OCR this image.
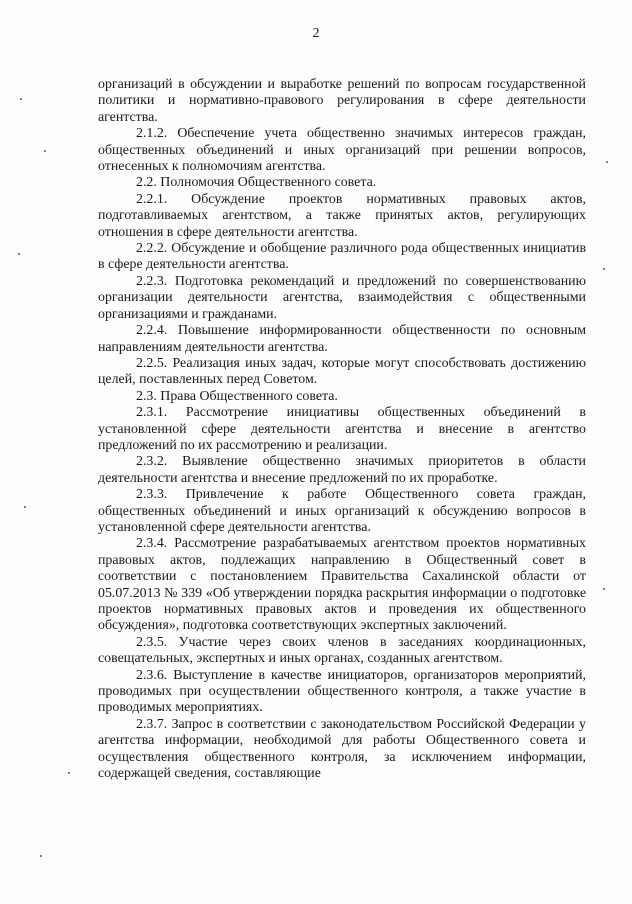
2

организаций в обсуждении и выработке решений по вопросам государственной политики и нормативно-правового регулирования в сфере деятельности агентства.

2.1.2. Обеспечение учета общественно значимых интересов граждан, общественных объединений и иных организаций при решении вопросов, отнесенных к полномочиям агентства.

2.2. Полномочия Общественного совета.

2.2.1. Обсуждение проектов нормативных правовых актов, подготавливаемых агентством, а также принятых актов, регулирующих отношения в сфере деятельности агентства.

2.2.2. Обсуждение и обобщение различного рода общественных инициатив в сфере деятельности агентства.

2.2.3. Подготовка рекомендаций и предложений по совершенствованию организации деятельности агентства, взаимодействия с общественными организациями и гражданами.

2.2.4. Повышение информированности общественности по основным направлениям деятельности агентства.

2.2.5. Реализация иных задач, которые могут способствовать достижению целей, поставленных перед Советом.

2.3. Права Общественного совета.

2.3.1. Рассмотрение инициативы общественных объединений в установленной сфере деятельности агентства и внесение в агентство предложений по их рассмотрению и реализации.

2.3.2. Выявление общественно значимых приоритетов в области деятельности агентства и внесение предложений по их проработке.

2.3.3. Привлечение к работе Общественного совета граждан, общественных объединений и иных организаций к обсуждению вопросов в установленной сфере деятельности агентства.

2.3.4. Рассмотрение разрабатываемых агентством проектов нормативных правовых актов, подлежащих направлению в Общественный совет в соответствии с постановлением Правительства Сахалинской области от 05.07.2013 № 339 «Об утверждении порядка раскрытия информации о подготовке проектов нормативных правовых актов и проведения их общественного обсуждения», подготовка соответствующих экспертных заключений.

2.3.5. Участие через своих членов в заседаниях координационных, совещательных, экспертных и иных органах, созданных агентством.

2.3.6. Выступление в качестве инициаторов, организаторов мероприятий, проводимых при осуществлении общественного контроля, а также участие в проводимых мероприятиях.

2.3.7. Запрос в соответствии с законодательством Российской Федерации у агентства информации, необходимой для работы Общественного совета и осуществления общественного контроля, за исключением информации, содержащей сведения, составляющие
